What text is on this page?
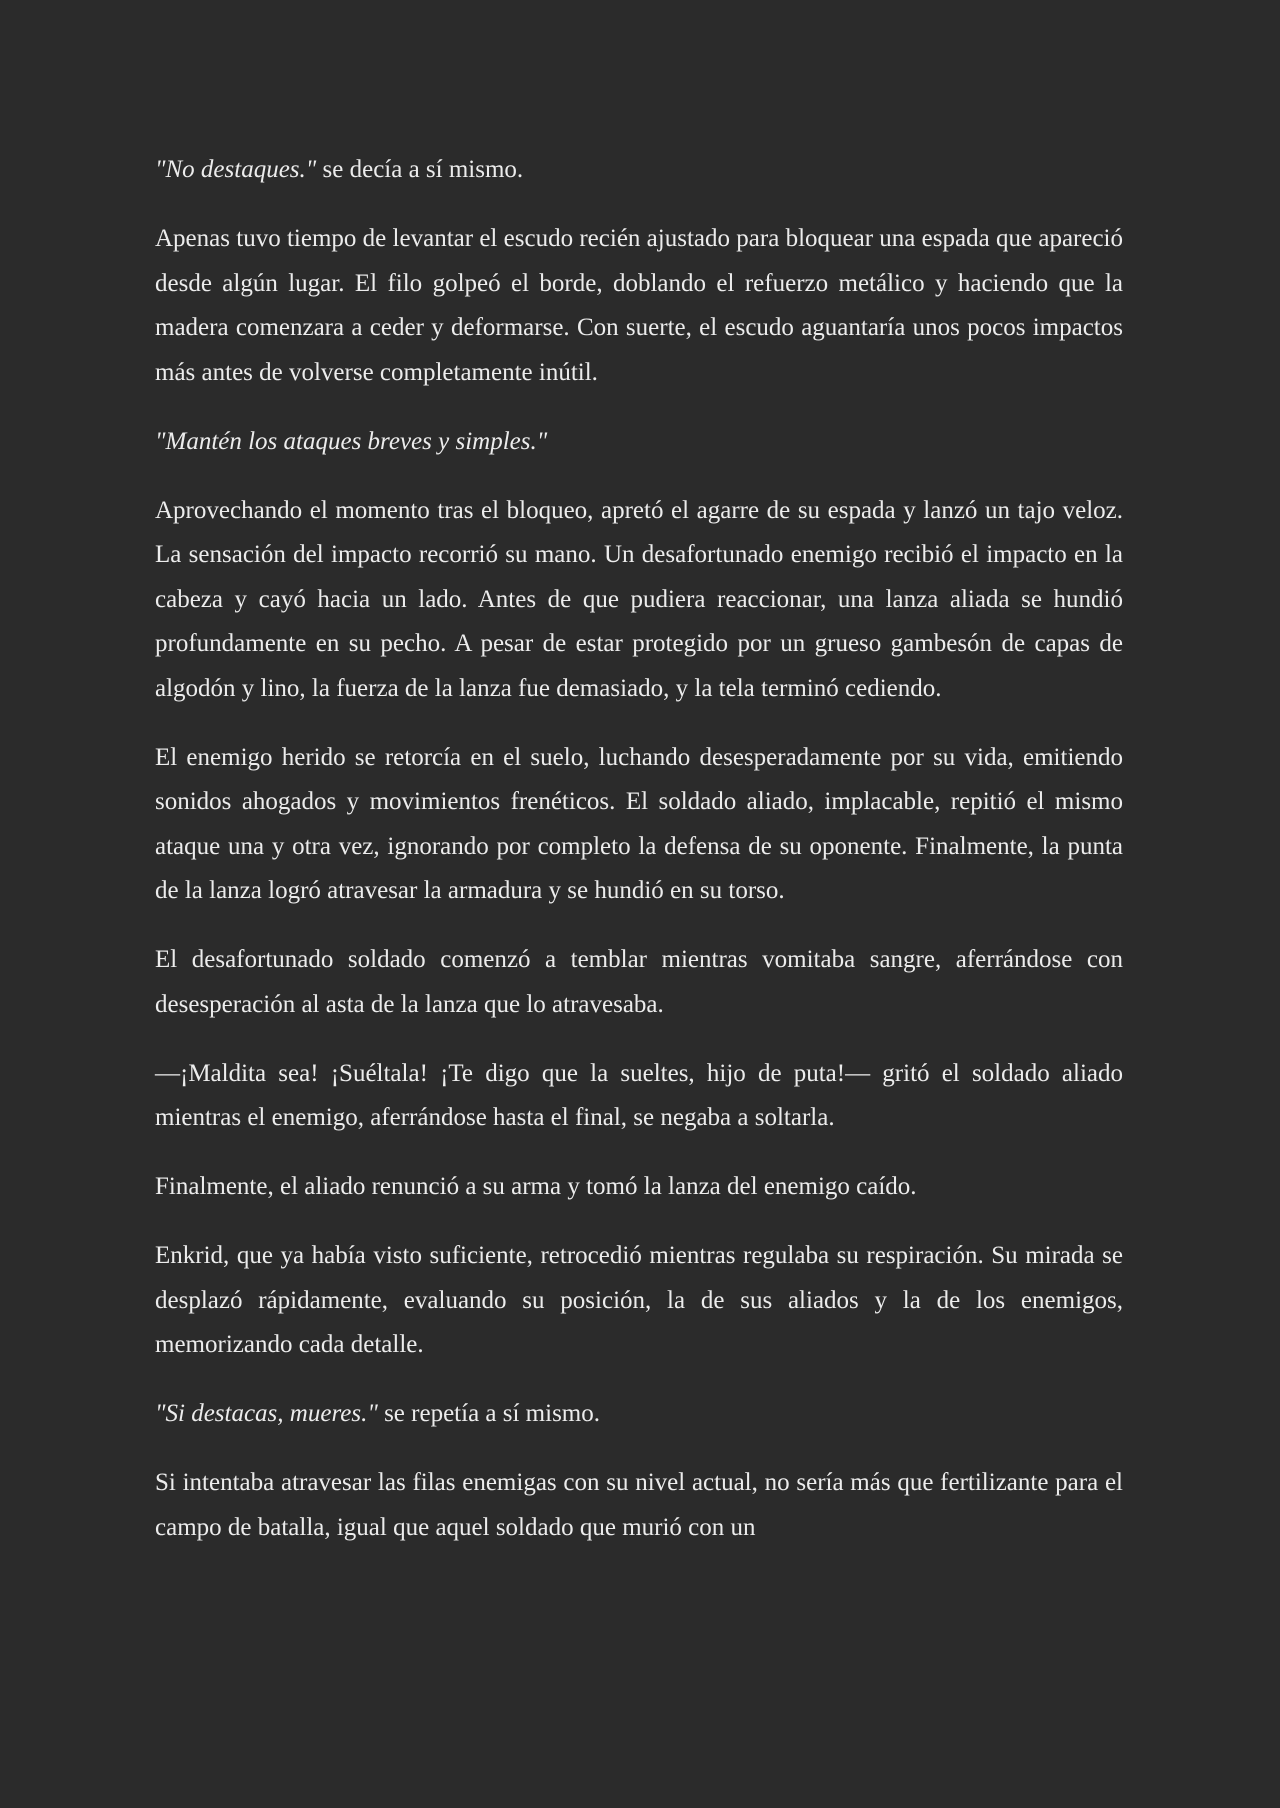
"No destaques." se decía a sí mismo.

Apenas tuvo tiempo de levantar el escudo recién ajustado para bloquear una espada que apareció desde algún lugar. El filo golpeó el borde, doblando el refuerzo metálico y haciendo que la madera comenzara a ceder y deformarse. Con suerte, el escudo aguantaría unos pocos impactos más antes de volverse completamente inútil.

"Mantén los ataques breves y simples."

Aprovechando el momento tras el bloqueo, apretó el agarre de su espada y lanzó un tajo veloz. La sensación del impacto recorrió su mano. Un desafortunado enemigo recibió el impacto en la cabeza y cayó hacia un lado. Antes de que pudiera reaccionar, una lanza aliada se hundió profundamente en su pecho. A pesar de estar protegido por un grueso gambesón de capas de algodón y lino, la fuerza de la lanza fue demasiado, y la tela terminó cediendo.

El enemigo herido se retorcía en el suelo, luchando desesperadamente por su vida, emitiendo sonidos ahogados y movimientos frenéticos. El soldado aliado, implacable, repitió el mismo ataque una y otra vez, ignorando por completo la defensa de su oponente. Finalmente, la punta de la lanza logró atravesar la armadura y se hundió en su torso.

El desafortunado soldado comenzó a temblar mientras vomitaba sangre, aferrándose con desesperación al asta de la lanza que lo atravesaba.

—¡Maldita sea! ¡Suéltala! ¡Te digo que la sueltes, hijo de puta!— gritó el soldado aliado mientras el enemigo, aferrándose hasta el final, se negaba a soltarla.

Finalmente, el aliado renunció a su arma y tomó la lanza del enemigo caído.

Enkrid, que ya había visto suficiente, retrocedió mientras regulaba su respiración. Su mirada se desplazó rápidamente, evaluando su posición, la de sus aliados y la de los enemigos, memorizando cada detalle.

"Si destacas, mueres." se repetía a sí mismo.

Si intentaba atravesar las filas enemigas con su nivel actual, no sería más que fertilizante para el campo de batalla, igual que aquel soldado que murió con un
